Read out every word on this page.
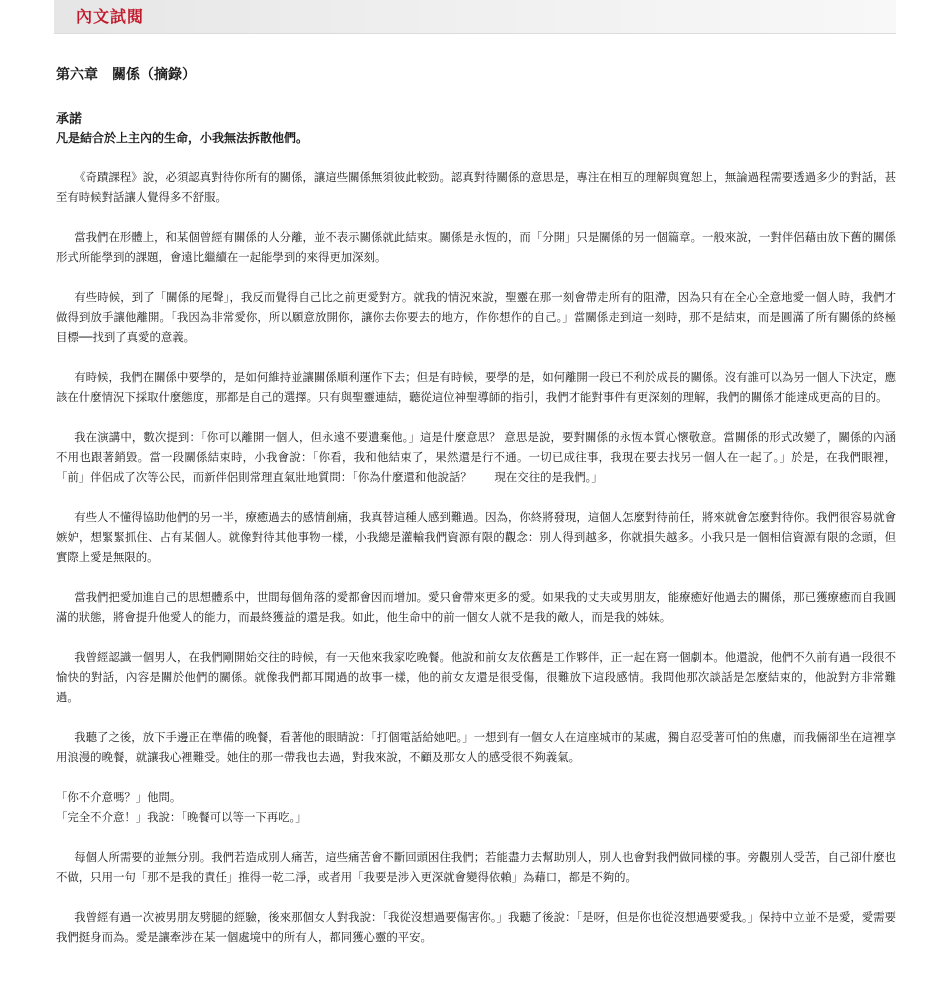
內文試閱
第六章　關係（摘錄）
承諾

凡是結合於上主內的生命，小我無法拆散他們。

《奇蹟課程》說，必須認真對待你所有的關係，讓這些關係無須彼此較勁。認真對待關係的意思是，專注在相互的理解與寬恕上，無論過程需要透過多少的對話，甚至有時候對話讓人覺得多不舒服。

當我們在形體上，和某個曾經有關係的人分離，並不表示關係就此結束。關係是永恆的，而「分開」只是關係的另一個篇章。一般來說，一對伴侶藉由放下舊的關係形式所能學到的課題，會遠比繼續在一起能學到的來得更加深刻。

有些時候，到了「關係的尾聲」，我反而覺得自己比之前更愛對方。就我的情況來說，聖靈在那一刻會帶走所有的阻滯，因為只有在全心全意地愛一個人時，我們才做得到放手讓他離開。「我因為非常愛你，所以願意放開你，讓你去你要去的地方，作你想作的自己。」當關係走到這一刻時，那不是結束，而是圓滿了所有關係的終極目標──找到了真愛的意義。

有時候，我們在關係中要學的，是如何維持並讓關係順利運作下去；但是有時候，要學的是，如何離開一段已不利於成長的關係。沒有誰可以為另一個人下決定，應該在什麼情況下採取什麼態度，那都是自己的選擇。只有與聖靈連結，聽從這位神聖導師的指引，我們才能對事件有更深刻的理解，我們的關係才能達成更高的目的。

我在演講中，數次提到：「你可以離開一個人，但永遠不要遺棄他。」這是什麼意思？ 意思是說，要對關係的永恆本質心懷敬意。當關係的形式改變了，關係的內涵不用也跟著銷毀。當一段關係結束時，小我會說：「你看，我和他結束了，果然還是行不通。一切已成往事，我現在要去找另一個人在一起了。」於是，在我們眼裡，「前」伴侶成了次等公民，而新伴侶則常理直氣壯地質問：「你為什麼還和他說話？　　現在交往的是我們。」

有些人不懂得協助他們的另一半，療癒過去的感情創痛，我真替這種人感到難過。因為，你終將發現，這個人怎麼對待前任，將來就會怎麼對待你。我們很容易就會嫉妒，想緊緊抓住、占有某個人。就像對待其他事物一樣，小我總是灌輸我們資源有限的觀念：別人得到越多，你就損失越多。小我只是一個相信資源有限的念頭，但實際上愛是無限的。

當我們把愛加進自己的思想體系中，世間每個角落的愛都會因而增加。愛只會帶來更多的愛。如果我的丈夫或男朋友，能療癒好他過去的關係，那已獲療癒而自我圓滿的狀態，將會提升他愛人的能力，而最終獲益的還是我。如此，他生命中的前一個女人就不是我的敵人，而是我的姊妹。

我曾經認識一個男人，在我們剛開始交往的時候，有一天他來我家吃晚餐。他說和前女友依舊是工作夥伴，正一起在寫一個劇本。他還說，他們不久前有過一段很不愉快的對話，內容是關於他們的關係。就像我們都耳聞過的故事一樣，他的前女友還是很受傷，很難放下這段感情。我問他那次談話是怎麼結束的，他說對方非常難過。

我聽了之後，放下手邊正在準備的晚餐，看著他的眼睛說：「打個電話給她吧。」一想到有一個女人在這座城市的某處，獨自忍受著可怕的焦慮，而我倆卻坐在這裡享用浪漫的晚餐，就讓我心裡難受。她住的那一帶我也去過，對我來說，不顧及那女人的感受很不夠義氣。

「你不介意嗎？」他問。

「完全不介意！」我說：「晚餐可以等一下再吃。」

每個人所需要的並無分別。我們若造成別人痛苦，這些痛苦會不斷回頭困住我們；若能盡力去幫助別人，別人也會對我們做同樣的事。旁觀別人受苦，自己卻什麼也不做，只用一句「那不是我的責任」推得一乾二淨，或者用「我要是涉入更深就會變得依賴」為藉口，都是不夠的。

我曾經有過一次被男朋友劈腿的經驗，後來那個女人對我說：「我從沒想過要傷害你。」我聽了後說：「是呀，但是你也從沒想過要愛我。」保持中立並不是愛，愛需要我們挺身而為。愛是讓牽涉在某一個處境中的所有人，都同獲心靈的平安。
